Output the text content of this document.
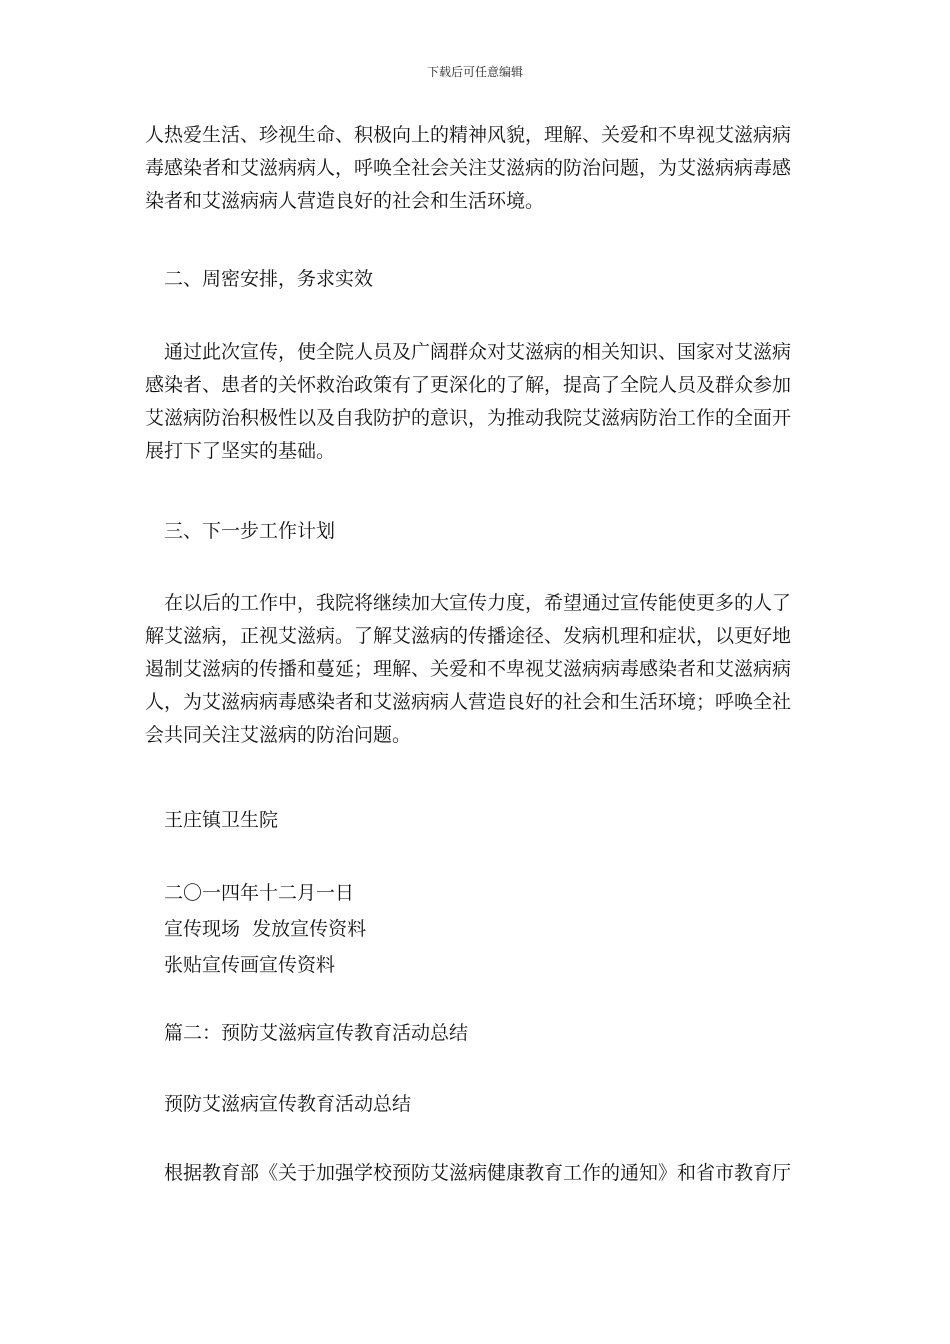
下载后可任意编辑
人热爱生活、珍视生命、积极向上的精神风貌，理解、关爱和不卑视艾滋病病
毒感染者和艾滋病病人，呼唤全社会关注艾滋病的防治问题，为艾滋病病毒感
染者和艾滋病病人营造良好的社会和生活环境。
二、周密安排，务求实效
通过此次宣传，使全院人员及广阔群众对艾滋病的相关知识、国家对艾滋病
感染者、患者的关怀救治政策有了更深化的了解，提高了全院人员及群众参加
艾滋病防治积极性以及自我防护的意识，为推动我院艾滋病防治工作的全面开
展打下了坚实的基础。
三、下一步工作计划
在以后的工作中，我院将继续加大宣传力度，希望通过宣传能使更多的人了
解艾滋病，正视艾滋病。了解艾滋病的传播途径、发病机理和症状，以更好地
遏制艾滋病的传播和蔓延；理解、关爱和不卑视艾滋病病毒感染者和艾滋病病
人，为艾滋病病毒感染者和艾滋病病人营造良好的社会和生活环境；呼唤全社
会共同关注艾滋病的防治问题。
王庄镇卫生院
二〇一四年十二月一日
宣传现场  发放宣传资料
张贴宣传画宣传资料
篇二：预防艾滋病宣传教育活动总结
预防艾滋病宣传教育活动总结
根据教育部《关于加强学校预防艾滋病健康教育工作的通知》和省市教育厅
